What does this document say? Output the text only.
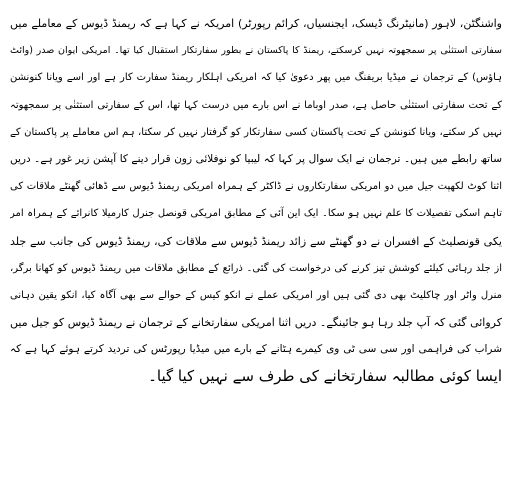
واشنگٹن، لاہور (مانیٹرنگ ڈیسک، ایجنسیاں، کرائم رپورٹر) امریکہ نے کہا ہے کہ ریمنڈ ڈیوس کے معاملے میں
سفارتی استثنٰی پر سمجھوتہ نہیں کرسکتے، ریمنڈ کا پاکستان نے بطور سفارتکار استقبال کیا تھا۔ امریکی ایوان صدر (وائٹ
ہاؤس) کے ترجمان نے میڈیا بریفنگ میں پھر دعویٰ کیا کہ امریکی اہلکار ریمنڈ سفارت کار ہے اور اسے ویانا کنونشن
کے تحت سفارتی استثنٰی حاصل ہے، صدر اوباما نے اس بارے میں درست کہا تھا، اس کے سفارتی استثنٰی پر سمجھوتہ
نہیں کر سکتے، ویانا کنونشن کے تحت پاکستان کسی سفارتکار کو گرفتار نہیں کر سکتا، ہم اس معاملے پر پاکستان کے
ساتھ رابطے میں ہیں۔ ترجمان نے ایک سوال پر کہا کہ لیبیا کو نوفلائی زون قرار دینے کا آپشن زیر غور ہے۔ دریں
اثنا کوٹ لکھپت جیل میں دو امریکی سفارتکاروں نے ڈاکٹر کے ہمراہ امریکی ریمنڈ ڈیوس سے ڈھائی گھنٹے ملاقات کی
تاہم اسکی تفصیلات کا علم نہیں ہو سکا۔ ایک این آئی کے مطابق امریکی قونصل جنرل کارمیلا کانرائے کے ہمراہ امر
یکی قونصلیٹ کے افسران نے دو گھنٹے سے زائد ریمنڈ ڈیوس سے ملاقات کی، ریمنڈ ڈیوس کی جانب سے جلد
از جلد رہائی کیلئے کوشش تیز کرنے کی درخواست کی گئی۔ ذرائع کے مطابق ملاقات میں ریمنڈ ڈیوس کو کھانا برگر،
منرل واٹر اور چاکلیٹ بھی دی گئی ہیں اور امریکی عملے نے انکو کیس کے حوالے سے بھی آگاہ کیا، انکو یقین دہانی
کروائی گئی کہ آپ جلد رہا ہو جائینگے۔ دریں اثنا امریکی سفارتخانے کے ترجمان نے ریمنڈ ڈیوس کو جیل میں
شراب کی فراہمی اور سی سی ٹی وی کیمرے ہٹانے کے بارے میں میڈیا رپورٹس کی تردید کرتے ہوئے کہا ہے کہ
ایسا کوئی مطالبہ سفارتخانے کی طرف سے نہیں کیا گیا۔
